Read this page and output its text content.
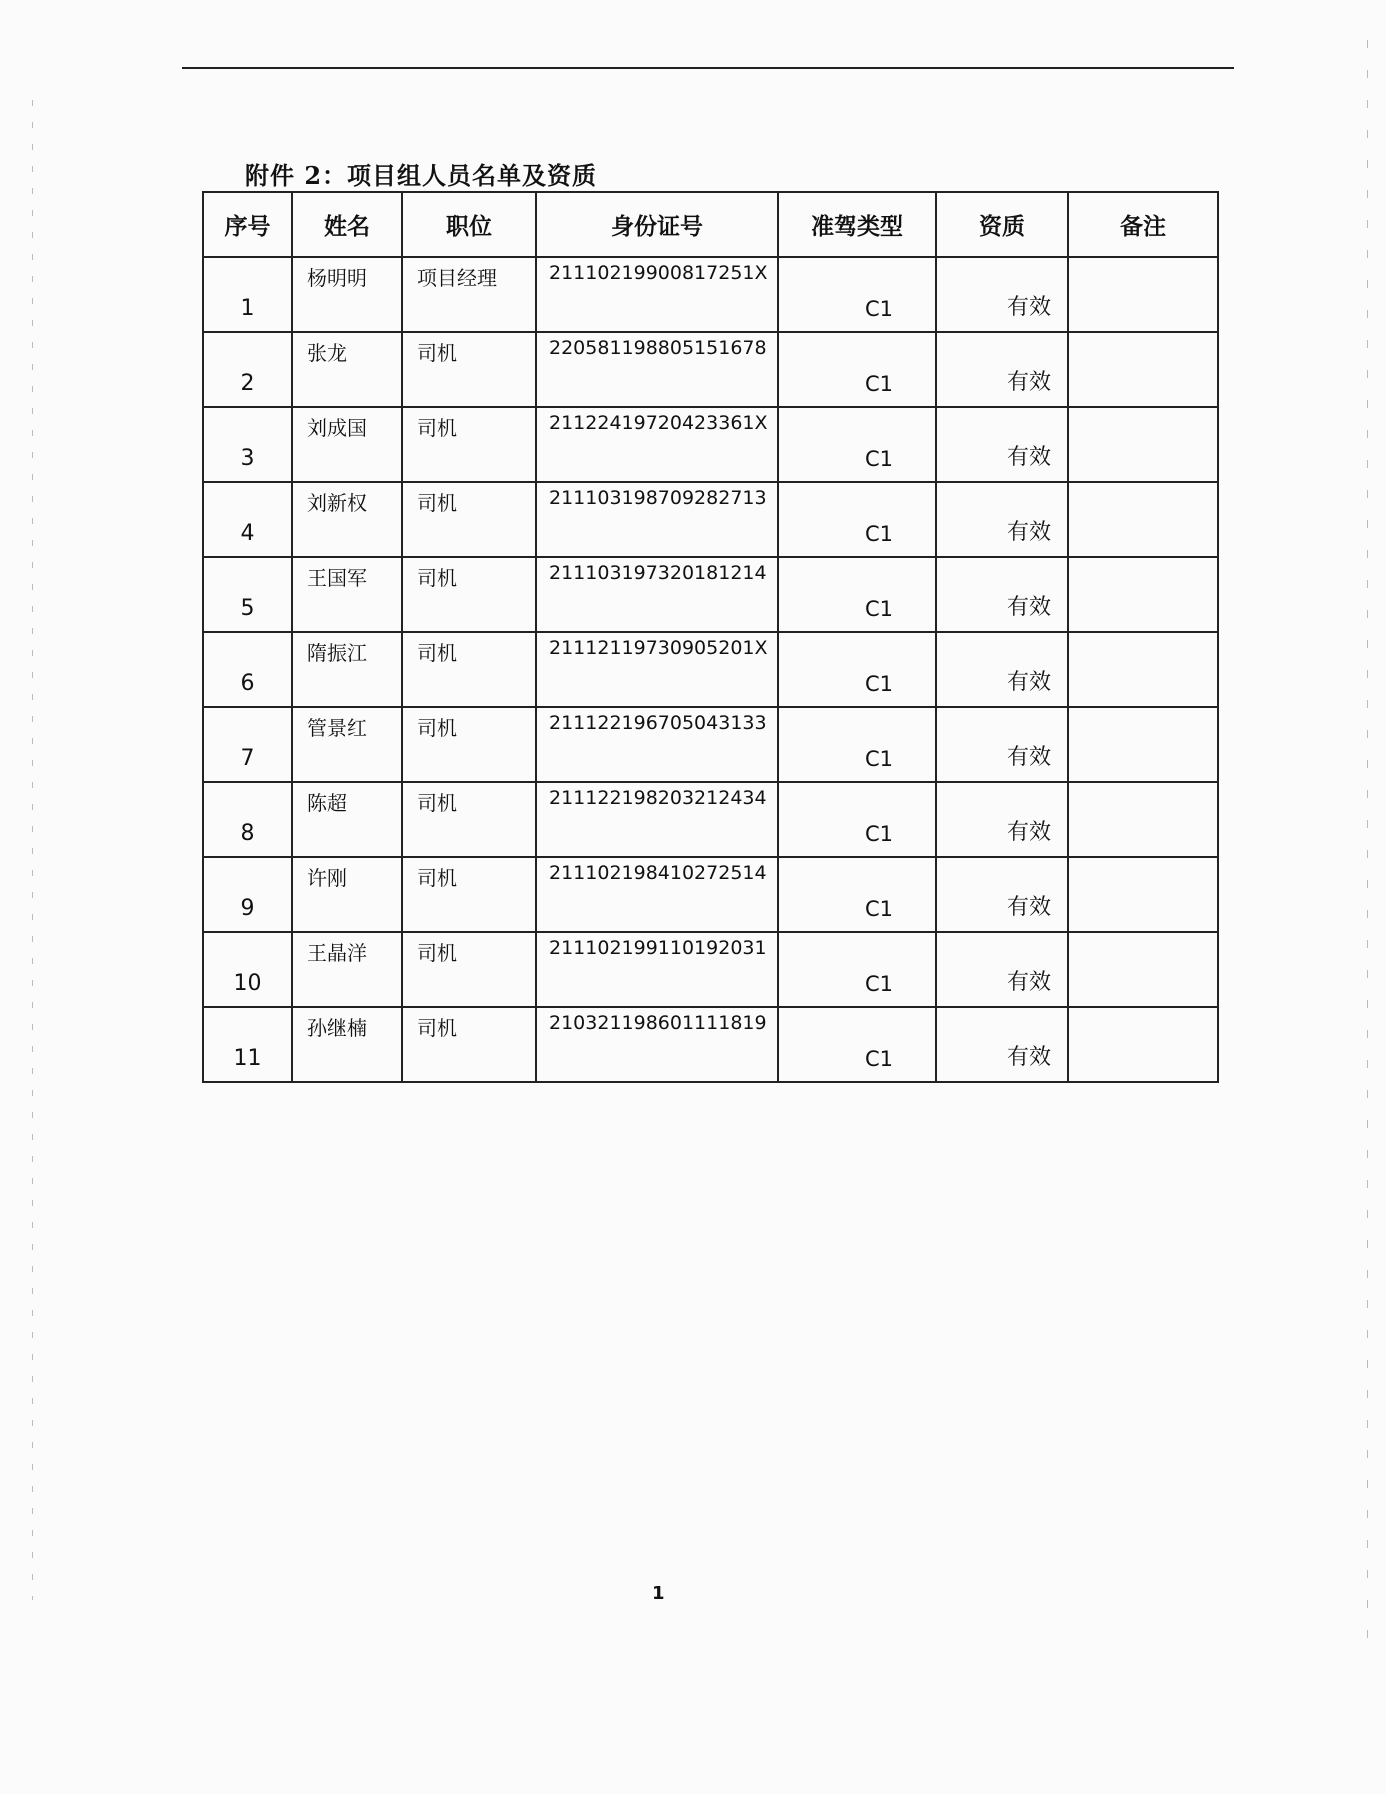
附件 2：项目组人员名单及资质
序号	姓名	职位	身份证号	准驾类型	资质	备注
1	杨明明	项目经理	21110219900817251X	C1	有效	
2	张龙	司机	220581198805151678	C1	有效	
3	刘成国	司机	21122419720423361X	C1	有效	
4	刘新权	司机	211103198709282713	C1	有效	
5	王国军	司机	211103197320181214	C1	有效	
6	隋振江	司机	21112119730905201X	C1	有效	
7	管景红	司机	211122196705043133	C1	有效	
8	陈超	司机	211122198203212434	C1	有效	
9	许刚	司机	211102198410272514	C1	有效	
10	王晶洋	司机	211102199110192031	C1	有效	
11	孙继楠	司机	210321198601111819	C1	有效	
1
